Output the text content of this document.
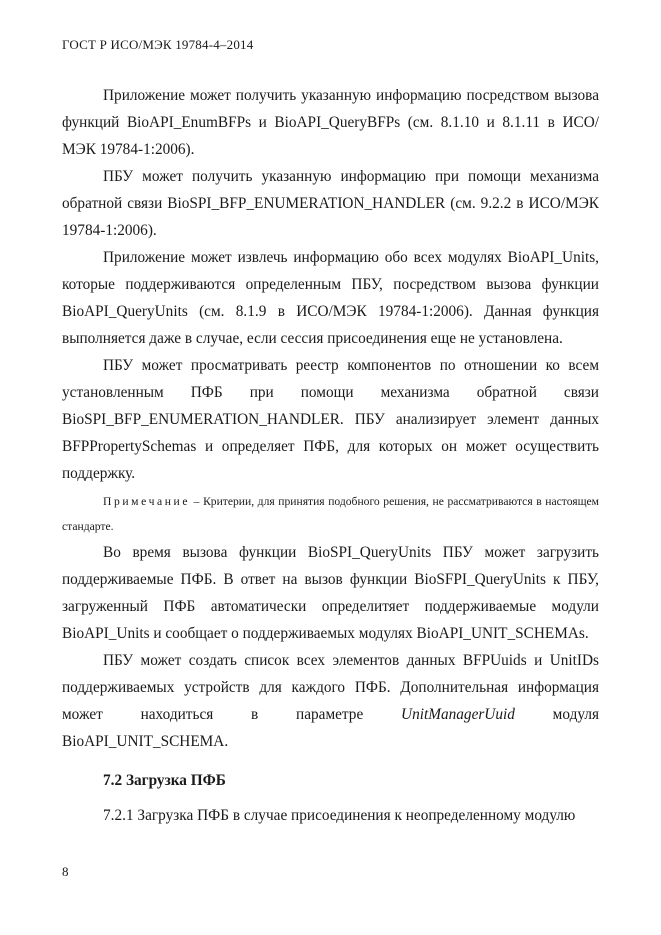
ГОСТ Р ИСО/МЭК 19784-4–2014

Приложение может получить указанную информацию посредством вызова функций BioAPI_EnumBFPs и BioAPI_QueryBFPs (см. 8.1.10 и 8.1.11 в ИСО/МЭК 19784-1:2006).

ПБУ может получить указанную информацию при помощи механизма обратной связи BioSPI_BFP_ENUMERATION_HANDLER (см. 9.2.2 в ИСО/МЭК 19784-1:2006).

Приложение может извлечь информацию обо всех модулях BioAPI_Units, которые поддерживаются определенным ПБУ, посредством вызова функции BioAPI_QueryUnits (см. 8.1.9 в ИСО/МЭК 19784-1:2006). Данная функция выполняется даже в случае, если сессия присоединения еще не установлена.

ПБУ может просматривать реестр компонентов по отношении ко всем установленным ПФБ при помощи механизма обратной связи BioSPI_BFP_ENUMERATION_HANDLER. ПБУ анализирует элемент данных BFPPropertySchemas и определяет ПФБ, для которых он может осуществить поддержку.

Примечание – Критерии, для принятия подобного решения, не рассматриваются в настоящем стандарте.

Во время вызова функции BioSPI_QueryUnits ПБУ может загрузить поддерживаемые ПФБ. В ответ на вызов функции BioSFPI_QueryUnits к ПБУ, загруженный ПФБ автоматически определитяет поддерживаемые модули BioAPI_Units и сообщает о поддерживаемых модулях BioAPI_UNIT_SCHEMAs.

ПБУ может создать список всех элементов данных BFPUuids и UnitIDs поддерживаемых устройств для каждого ПФБ. Дополнительная информация может находиться в параметре UnitManagerUuid модуля BioAPI_UNIT_SCHEMA.

7.2 Загрузка ПФБ

7.2.1 Загрузка ПФБ в случае присоединения к неопределенному модулю

8
